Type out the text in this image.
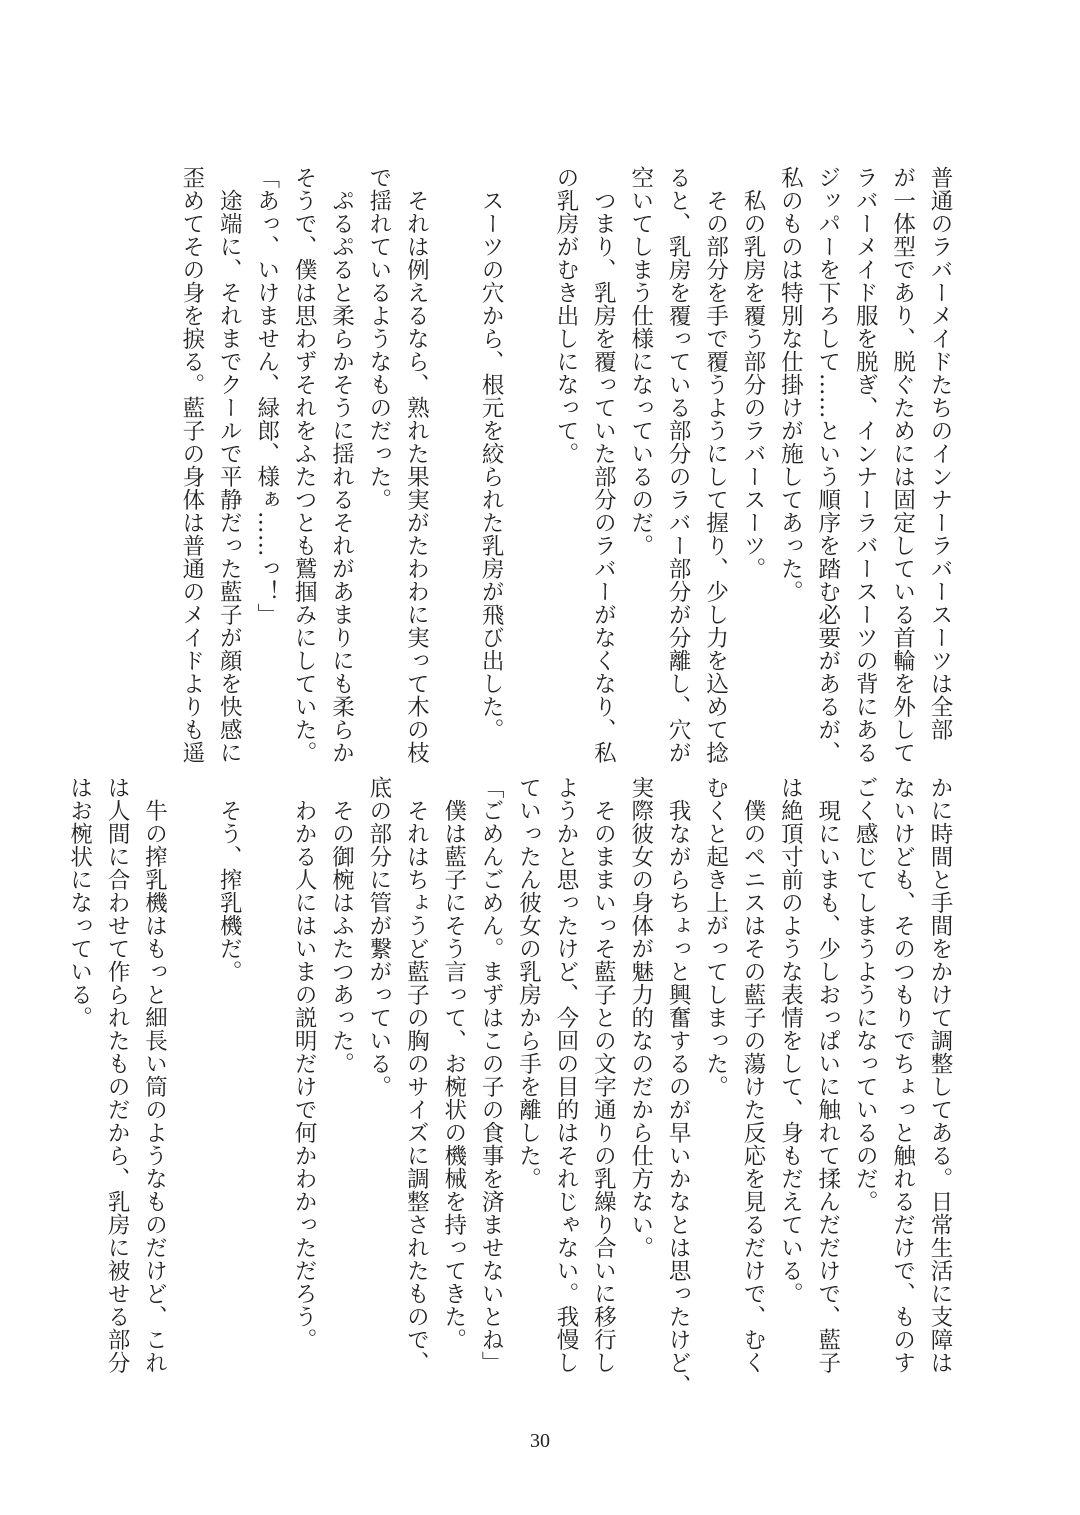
普通のラバーメイドたちのインナーラバースーツは全部
が一体型であり、脱ぐためには固定している首輪を外して
ラバーメイド服を脱ぎ、インナーラバースーツの背にある
ジッパーを下ろして……という順序を踏む必要があるが、
私のものは特別な仕掛けが施してあった。
　私の乳房を覆う部分のラバースーツ。
　その部分を手で覆うようにして握り、少し力を込めて捻
ると、乳房を覆っている部分のラバー部分が分離し、穴が
空いてしまう仕様になっているのだ。
　つまり、乳房を覆っていた部分のラバーがなくなり、私
の乳房がむき出しになって。
　スーツの穴から、根元を絞られた乳房が飛び出した。
　それは例えるなら、熟れた果実がたわわに実って木の枝
で揺れているようなものだった。
　ぷるぷると柔らかそうに揺れるそれがあまりにも柔らか
そうで、僕は思わずそれをふたつとも鷲掴みにしていた。
「あっ、いけません、緑郎、様ぁ……っ！」
　途端に、それまでクールで平静だった藍子が顔を快感に
歪めてその身を捩る。藍子の身体は普通のメイドよりも遥
かに時間と手間をかけて調整してある。日常生活に支障は
ないけども、そのつもりでちょっと触れるだけで、ものす
ごく感じてしまうようになっているのだ。
　現にいまも、少しおっぱいに触れて揉んだだけで、藍子
は絶頂寸前のような表情をして、身もだえている。
　僕のペニスはその藍子の蕩けた反応を見るだけで、むく
むくと起き上がってしまった。
　我ながらちょっと興奮するのが早いかなとは思ったけど、
実際彼女の身体が魅力的なのだから仕方ない。
　そのままいっそ藍子との文字通りの乳繰り合いに移行し
ようかと思ったけど、今回の目的はそれじゃない。我慢し
ていったん彼女の乳房から手を離した。
「ごめんごめん。まずはこの子の食事を済ませないとね」
　僕は藍子にそう言って、お椀状の機械を持ってきた。
　それはちょうど藍子の胸のサイズに調整されたもので、
底の部分に管が繋がっている。
　その御椀はふたつあった。
　わかる人にはいまの説明だけで何かわかっただろう。
　そう、搾乳機だ。
　牛の搾乳機はもっと細長い筒のようなものだけど、これ
は人間に合わせて作られたものだから、乳房に被せる部分
はお椀状になっている。
30
